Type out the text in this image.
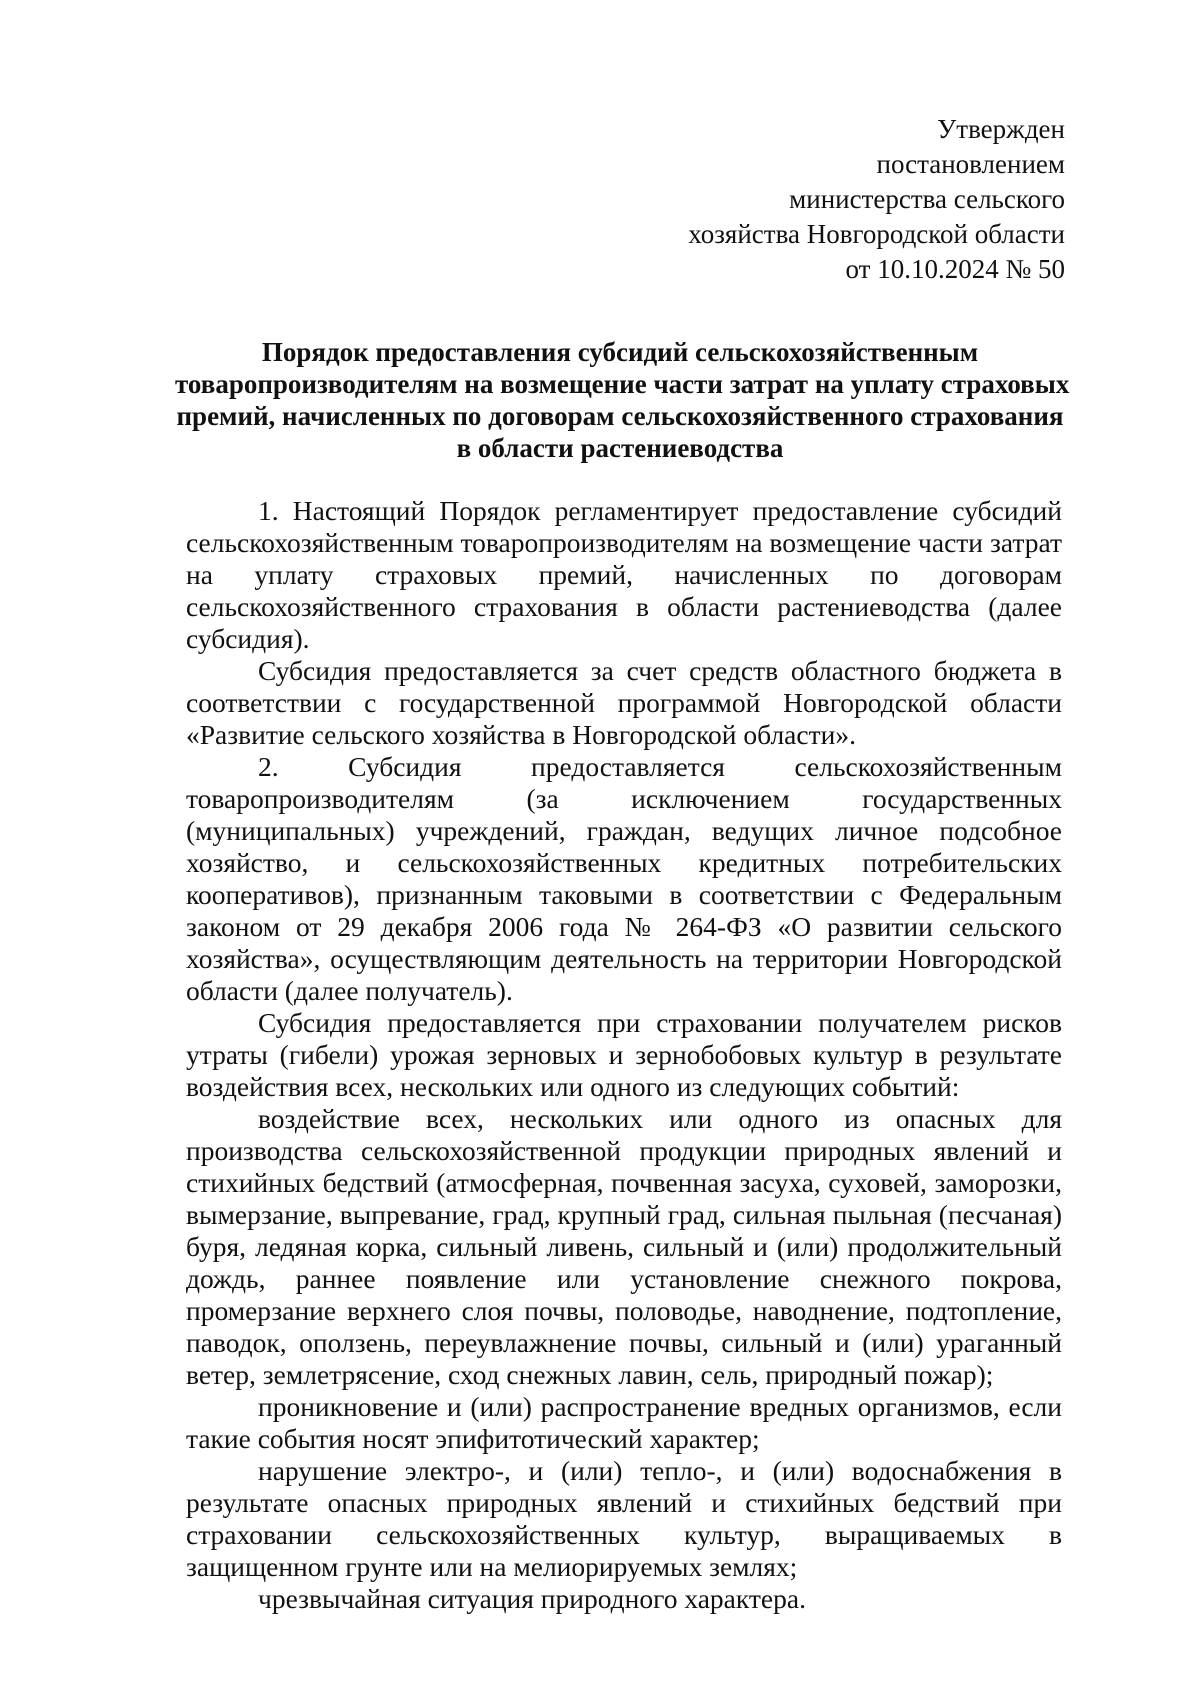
Утвержден
постановлением
министерства сельского
хозяйства Новгородской области
от 10.10.2024 № 50
Порядок предоставления субсидий сельскохозяйственным
товаропроизводителям на возмещение части затрат на уплату страховых
премий, начисленных по договорам сельскохозяйственного страхования
в области растениеводства

1. Настоящий Порядок регламентирует предоставление субсидий сельскохозяйственным товаропроизводителям на возмещение части затрат на уплату страховых премий, начисленных по договорам сельскохозяйственного страхования в области растениеводства (далее субсидия).

Субсидия предоставляется за счет средств областного бюджета в соответствии с государственной программой Новгородской области «Развитие сельского хозяйства в Новгородской области».

2. Субсидия предоставляется сельскохозяйственным товаропроизводителям (за исключением государственных (муниципальных) учреждений, граждан, ведущих личное подсобное хозяйство, и сельскохозяйственных кредитных потребительских кооперативов), признанным таковыми в соответствии с Федеральным законом от 29 декабря 2006 года № 264-ФЗ «О развитии сельского хозяйства», осуществляющим деятельность на территории Новгородской области (далее получатель).

Субсидия предоставляется при страховании получателем рисков утраты (гибели) урожая зерновых и зернобобовых культур в результате воздействия всех, нескольких или одного из следующих событий:

воздействие всех, нескольких или одного из опасных для производства сельскохозяйственной продукции природных явлений и стихийных бедствий (атмосферная, почвенная засуха, суховей, заморозки, вымерзание, выпревание, град, крупный град, сильная пыльная (песчаная) буря, ледяная корка, сильный ливень, сильный и (или) продолжительный дождь, раннее появление или установление снежного покрова, промерзание верхнего слоя почвы, половодье, наводнение, подтопление, паводок, оползень, переувлажнение почвы, сильный и (или) ураганный ветер, землетрясение, сход снежных лавин, сель, природный пожар);

проникновение и (или) распространение вредных организмов, если такие события носят эпифитотический характер;

нарушение электро-, и (или) тепло-, и (или) водоснабжения в результате опасных природных явлений и стихийных бедствий при страховании сельскохозяйственных культур, выращиваемых в защищенном грунте или на мелиорируемых землях;

чрезвычайная ситуация природного характера.
